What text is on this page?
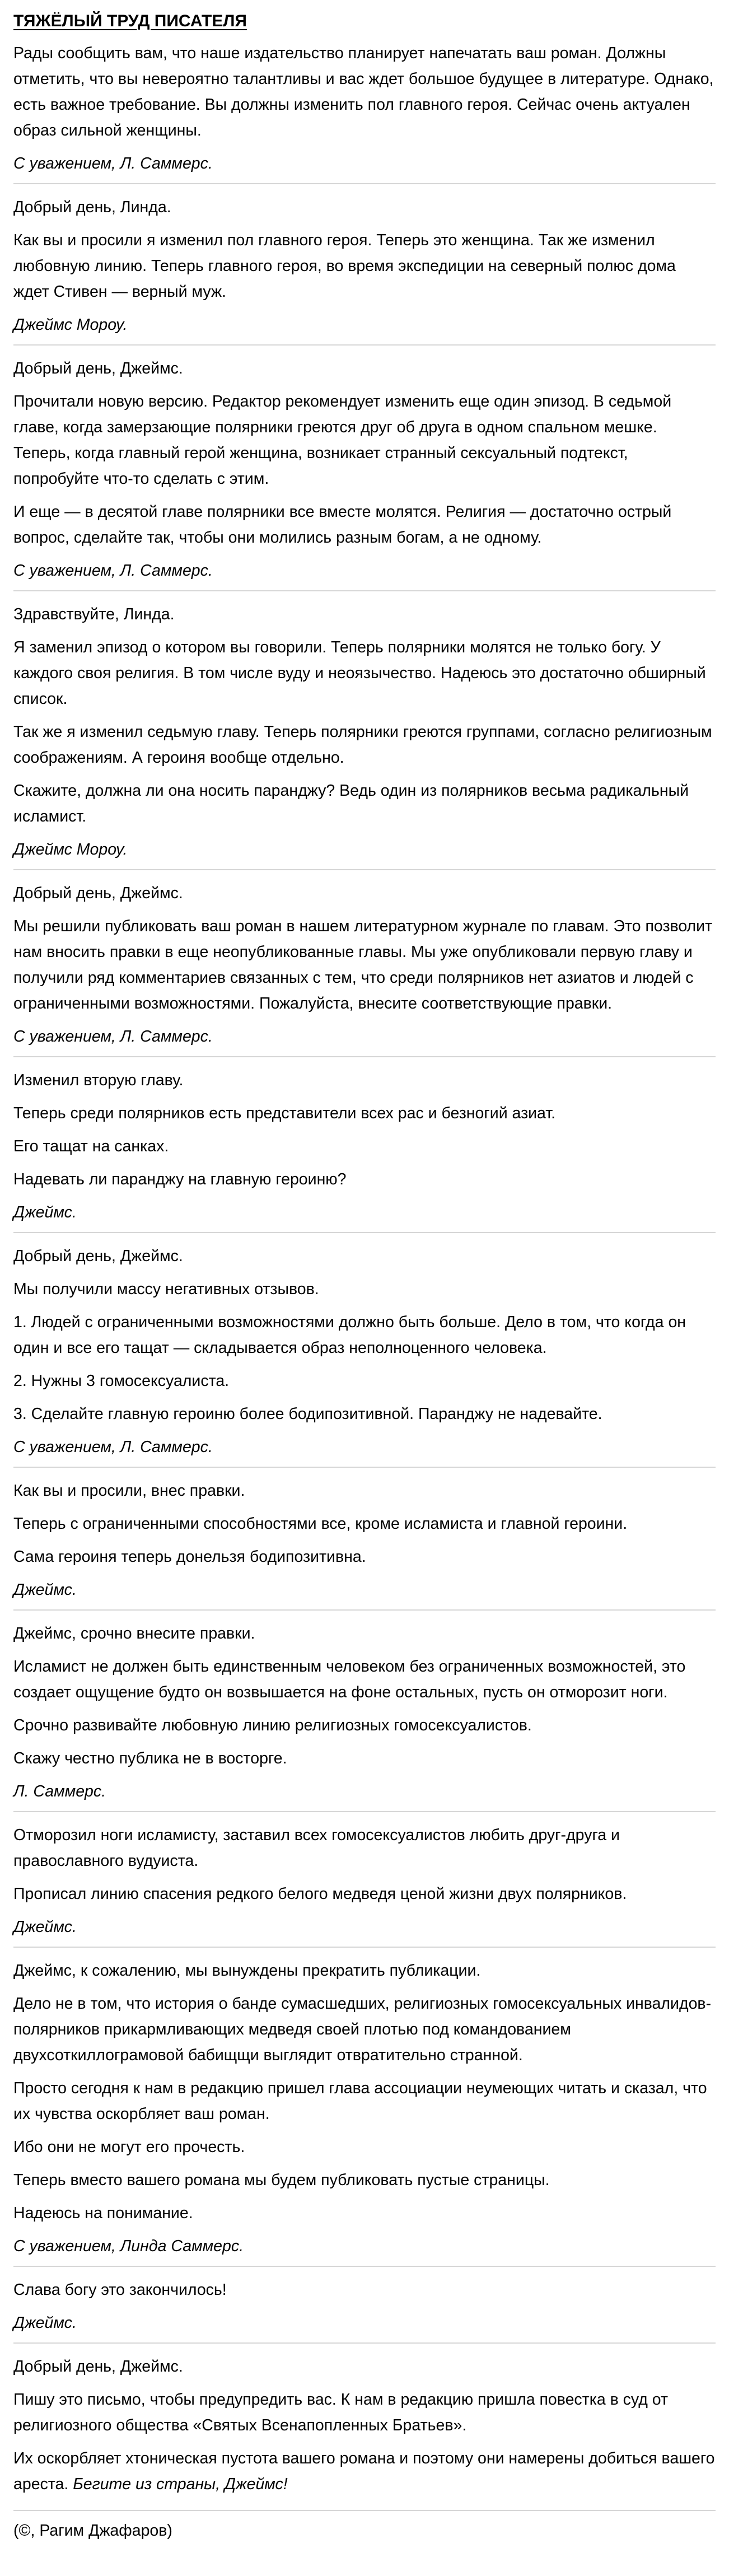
ТЯЖЁЛЫЙ ТРУД ПИСАТЕЛЯ

Рады сообщить вам, что наше издательство планирует напечатать ваш роман. Должны отметить, что вы невероятно талантливы и вас ждет большое будущее в литературе. Однако, есть важное требование. Вы должны изменить пол главного героя. Сейчас очень актуален образ сильной женщины.

С уважением, Л. Саммерс.

Добрый день, Линда.

Как вы и просили я изменил пол главного героя. Теперь это женщина. Так же изменил любовную линию. Теперь главного героя, во время экспедиции на северный полюс дома ждет Стивен — верный муж.

Джеймс Мороу.

Добрый день, Джеймс.

Прочитали новую версию. Редактор рекомендует изменить еще один эпизод. В седьмой главе, когда замерзающие полярники греются друг об друга в одном спальном мешке. Теперь, когда главный герой женщина, возникает странный сексуальный подтекст, попробуйте что-то сделать с этим.

И еще — в десятой главе полярники все вместе молятся. Религия — достаточно острый вопрос, сделайте так, чтобы они молились разным богам, а не одному.

С уважением, Л. Саммерс.

Здравствуйте, Линда.

Я заменил эпизод о котором вы говорили. Теперь полярники молятся не только богу. У каждого своя религия. В том числе вуду и неоязычество. Надеюсь это достаточно обширный список.

Так же я изменил седьмую главу. Теперь полярники греются группами, согласно религиозным соображениям. А героиня вообще отдельно.

Скажите, должна ли она носить паранджу? Ведь один из полярников весьма радикальный исламист.

Джеймс Мороу.

Добрый день, Джеймс.

Мы решили публиковать ваш роман в нашем литературном журнале по главам. Это позволит нам вносить правки в еще неопубликованные главы. Мы уже опубликовали первую главу и получили ряд комментариев связанных с тем, что среди полярников нет азиатов и людей с ограниченными возможностями. Пожалуйста, внесите соответствующие правки.

С уважением, Л. Саммерс.

Изменил вторую главу.

Теперь среди полярников есть представители всех рас и безногий азиат.

Его тащат на санках.

Надевать ли паранджу на главную героиню?

Джеймс.

Добрый день, Джеймс.

Мы получили массу негативных отзывов.

1. Людей с ограниченными возможностями должно быть больше. Дело в том, что когда он один и все его тащат — складывается образ неполноценного человека.

2. Нужны 3 гомосексуалиста.

3. Сделайте главную героиню более бодипозитивной. Паранджу не надевайте.

С уважением, Л. Саммерс.

Как вы и просили, внес правки.

Теперь с ограниченными способностями все, кроме исламиста и главной героини.

Сама героиня теперь донельзя бодипозитивна.

Джеймс.

Джеймс, срочно внесите правки.

Исламист не должен быть единственным человеком без ограниченных возможностей, это создает ощущение будто он возвышается на фоне остальных, пусть он отморозит ноги.

Срочно развивайте любовную линию религиозных гомосексуалистов.

Скажу честно публика не в восторге.

Л. Саммерс.

Отморозил ноги исламисту, заставил всех гомосексуалистов любить друг-друга и православного вудуиста.

Прописал линию спасения редкого белого медведя ценой жизни двух полярников.

Джеймс.

Джеймс, к сожалению, мы вынуждены прекратить публикации.

Дело не в том, что история о банде сумасшедших, религиозных гомосексуальных инвалидов-полярников прикармливающих медведя своей плотью под командованием двухсоткиллограмовой бабищщи выглядит отвратительно странной.

Просто сегодня к нам в редакцию пришел глава ассоциации неумеющих читать и сказал, что их чувства оскорбляет ваш роман.

Ибо они не могут его прочесть.

Теперь вместо вашего романа мы будем публиковать пустые страницы.

Надеюсь на понимание.

С уважением, Линда Саммерс.

Слава богу это закончилось!

Джеймс.

Добрый день, Джеймс.

Пишу это письмо, чтобы предупредить вас. К нам в редакцию пришла повестка в суд от религиозного общества «Святых Всенапопленных Братьев».

Их оскорбляет хтоническая пустота вашего романа и поэтому они намерены добиться вашего ареста. Бегите из страны, Джеймс!

(©, Рагим Джафаров)
